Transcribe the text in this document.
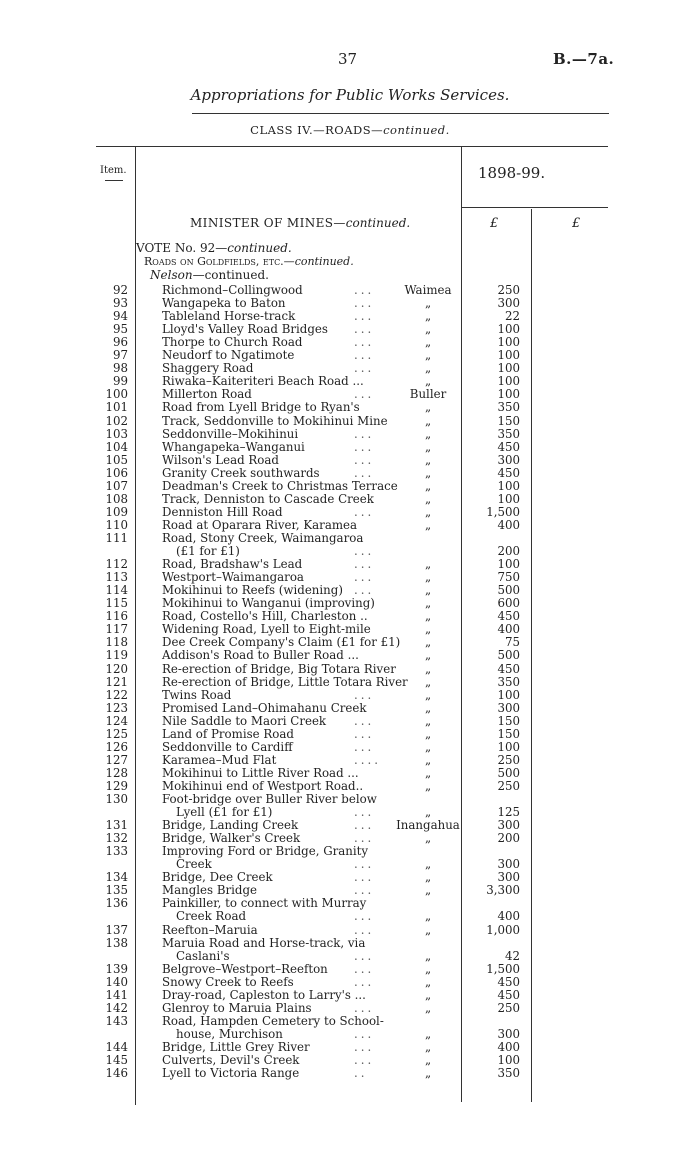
37	B.—7a.
Appropriations for Public Works Services.
CLASS IV.—ROADS—continued.
Item.	1898-99.
MINISTER OF MINES—continued.	£	£
VOTE No. 92—continued.
Roads on Goldfields, etc.—continued.
Nelson—continued.
92	Richmond–Collingwood	...	Waimea	250
93	Wangapeka to Baton	...	„	300
94	Tableland Horse-track	...	„	22
95	Lloyd's Valley Road Bridges ...	„	100
96	Thorpe to Church Road	...	„	100
97	Neudorf to Ngatimote	...	„	100
98	Shaggery Road	...	„	100
99	Riwaka–Kaiteriteri Beach Road ...	„	100
100	Millerton Road	...	Buller	100
101	Road from Lyell Bridge to Ryan's	„	350
102	Track, Seddonville to Mokihinui Mine	„	150
103	Seddonville–Mokihinui	...	„	350
104	Whangapeka–Wanganui	...	„	450
105	Wilson's Lead Road	...	„	300
106	Granity Creek southwards	...	„	450
107	Deadman's Creek to Christmas Terrace	„	100
108	Track, Denniston to Cascade Creek	„	100
109	Denniston Hill Road	...	„	1,500
110	Road at Oparara River, Karamea	„	400
111	Road, Stony Creek, Waimangaroa
(£1 for £1)	...	200
112	Road, Bradshaw's Lead	...	„	100
113	Westport–Waimangaroa	...	„	750
114	Mokihinui to Reefs (widening) ...	„	500
115	Mokihinui to Wanganui (improving)	„	600
116	Road, Costello's Hill, Charleston ..	„	450
117	Widening Road, Lyell to Eight-mile	„	400
118	Dee Creek Company's Claim (£1 for £1)	„	75
119	Addison's Road to Buller Road ...	„	500
120	Re-erection of Bridge, Big Totara River	„	450
121	Re-erection of Bridge, Little Totara River	„	350
122	Twins Road	...	„	100
123	Promised Land–Ohimahanu Creek	„	300
124	Nile Saddle to Maori Creek ...	„	150
125	Land of Promise Road	...	„	150
126	Seddonville to Cardiff	...	„	100
127	Karamea–Mud Flat	....	„	250
128	Mokihinui to Little River Road ...	„	500
129	Mokihinui end of Westport Road..	„	250
130	Foot-bridge over Buller River below
Lyell (£1 for £1)	...	„	125
131	Bridge, Landing Creek	... Inangahua	300
132	Bridge, Walker's Creek	...	„	200
133	Improving Ford or Bridge, Granity
Creek	...	„	300
134	Bridge, Dee Creek	...	„	300
135	Mangles Bridge	...	„	3,300
136	Painkiller, to connect with Murray
Creek Road	...	„	400
137	Reefton–Maruia	...	„	1,000
138	Maruia Road and Horse-track, via
Caslani's	...	„	42
139	Belgrove–Westport–Reefton ...	„	1,500
140	Snowy Creek to Reefs	...	„	450
141	Dray-road, Capleston to Larry's ...	„	450
142	Glenroy to Maruia Plains	...	„	250
143	Road, Hampden Cemetery to School-
house, Murchison	...	„	300
144	Bridge, Little Grey River	...	„	400
145	Culverts, Devil's Creek	...	„	100
146	Lyell to Victoria Range	..	„	350
